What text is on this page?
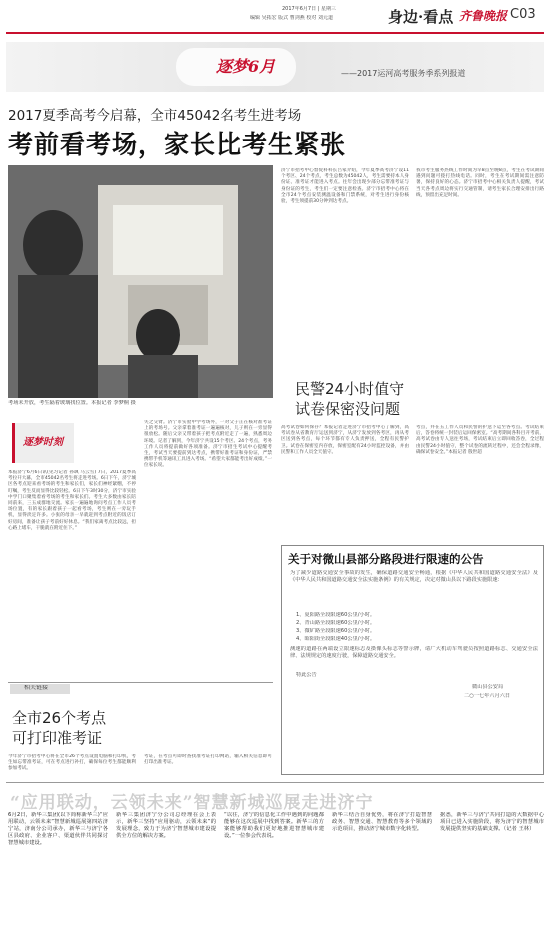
2017年6月7日 | 星期三
编辑 吴拓宏 版式 曹剑燕 校对 刘元道	身边·看点 齐鲁晚报 C03
逐梦6月	——2017运河高考服务季系列报道
2017夏季高考今启幕，全市45042名考生进考场
考前看考场，家长比考生紧张
考场未开放，考生隔着玻璃找位置。本报记者 李梦桐 摄
济宁市招考中心督促科科长吕家介绍，今年夏季高考济宁设11个考区、24个考点，考生总数为45042人，考生需要持本人身份证、准考证才能进入考点。往年会出现少部分忘带准考证与身份证的考生，考生们一定要注意检查。济宁市招考中心将在全市24个考点安装测温设备和门禁系统，对考生进行身份核验，考生须提前30分钟到达考点。
我市考生服务热线工作时间为早8点至晚8点，考生在考试期间遇到问题可拨打热线电话。同时，考生在考试期间需注意防暑，保持良好的心态。济宁市招考中心相关负责人提醒，考试当天各考点周边将实行交通管制，请考生家长合理安排出行路线，预留出充足时间。
民警24小时值守
试卷保密没问题
高考试卷如何保存？本报记者走进济宁市招考中心了解到，高考试卷从省教育厅运送到济宁，从济宁发放到各考区，再从考区送到各考点，每个环节都有专人负责押送，全程有民警护卫。试卷在保密室内存放，保密室配有24小时监控设备，并由民警和工作人员全天值守。
考点，并在五工作人员和民警的护送下运至各考点。考试结束后，答卷将统一封装后运回保密室。“高考期间各科目开考前，高考试卷由专人送往考场，考试结束后立即回收答卷，全过程由民警24小时值守，整个试卷的流转过程中，还会全程录像，确保试卷安全。”本报记者 殷世超
逐梦时刻
本报济宁6月6日讯(见习记者 孙飒 马云雪) 7日，2017夏季高考拉开大幕，全市45042名考生将走进考场。6日下午，济宁城区各考点迎来看考场的考生和家长们，家长们神经紧绷，不停叮嘱，考生反而显得比较轻松。6日下午3时30分，济宁市实验中学门口聚集着看考场的考生和家长们。考生大多数由家长陪同前来，三五成群地交流。家长一遍遍地询问考点工作人员考场位置，有的家长跟着孩子一起看考场，考生则在一旁玩手机，显得淡定许多。小张的母亲一早就赶到考点附近的饭店订好房间，准备让孩子考前好好休息。“我们家离考点比较远，担心路上堵车，干脆就在附近住下。”
失之交臂。济宁市实验中学考场外，一对父子正在核对准考证上的考场号。父亲拿着准考证一遍遍核对，儿子则在一旁显得很放松。随后父亲又带着孩子把考点附近走了一遍，熟悉周边环境。记者了解到，今年济宁共设15个考区、24个考点，考务工作人员将提前做好各项准备。济宁市招生考试中心提醒考生，考试当天要提前到达考点，携带好准考证和身份证，严禁携带手机等通讯工具进入考场。“希望大家都能考出好成绩。”一位家长说。
关于对微山县部分路段进行限速的公告
为了减少道路交通安全事故的发生，确保道路交通安全畅通，根据《中华人民共和国道路交通安全法》及《中华人民共和国道路交通安全法实施条例》的有关规定，决定对微山县以下路段实施限速：
1、夏阳路全段限速60公里/小时。
2、青山路全段限速60公里/小时。
3、微矿路全段限速60公里/小时。
4、昭阳街全段限速40公里/小时。
测速的道路在两端设立限速标志及摄像头标志等警示牌，请广大机动车驾驶员按照道路标志、交通安全法律、法规规定的速度行驶，保障道路交通安全。
特此公告
微山县公安局
二○一七年六月六日
相关链接
全市26个考点
可打印准考证
今年济宁市招考中心将在全市26个考点设置电脑和打印机，考生如忘带准考证，可在考点进行补打，确保每位考生都能顺利参加考试。
考证，在考点可即时查找准考证打印网站，输入相关信息即可打印出准考证。
“应用联动，云领未来”智慧新城巡展走进济宁
6月2日，新华三集团(以下简称新华三)“应用联动，云领未来”智慧新城巡展第四站济宁站，济南分公司承办，新华三与济宁各区县政府、企业客户、渠道伙伴共同探讨智慧城市建设。
新华三集团济宁分公司总经理在会上表示，新华三坚持“应用驱动，云领未来”的发展理念，致力于为济宁智慧城市建设提供全方位的解决方案。
“以往，济宁的信息化工作中遇到的问题都能够在这次巡展中找到答案。新华三的方案能够帮助我们更好地推进智慧城市建设。”一位参会代表说。
新华三结合自身优势，将在济宁打造智慧政务、智慧交通、智慧教育等多个领域的示范项目，推动济宁城市数字化转型。
据悉，新华三与济宁共同打造的大数据中心项目已进入实施阶段，将为济宁的智慧城市发展提供坚实的基础支撑。（记者 王林）
